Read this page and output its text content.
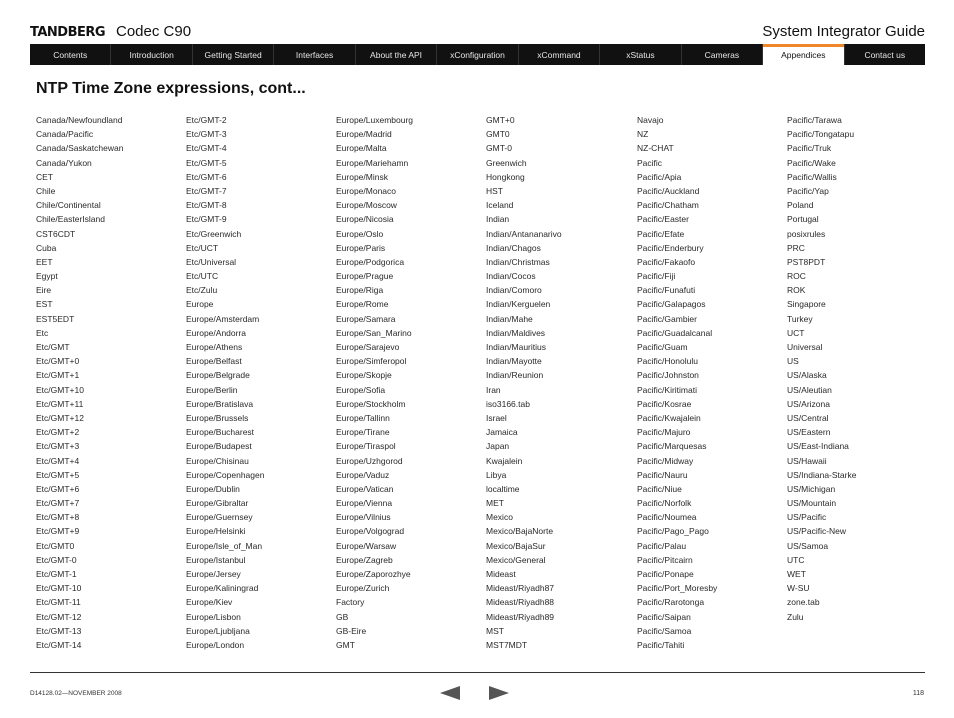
TANDBERG Codec C90	System Integrator Guide
Contents	Introduction	Getting Started	Interfaces	About the API	xConfiguration	xCommand	xStatus	Cameras	Appendices	Contact us
NTP Time Zone expressions, cont...
Canada/Newfoundland
Canada/Pacific
Canada/Saskatchewan
Canada/Yukon
CET
Chile
Chile/Continental
Chile/EasterIsland
CST6CDT
Cuba
EET
Egypt
Eire
EST
EST5EDT
Etc
Etc/GMT
Etc/GMT+0
Etc/GMT+1
Etc/GMT+10
Etc/GMT+11
Etc/GMT+12
Etc/GMT+2
Etc/GMT+3
Etc/GMT+4
Etc/GMT+5
Etc/GMT+6
Etc/GMT+7
Etc/GMT+8
Etc/GMT+9
Etc/GMT0
Etc/GMT-0
Etc/GMT-1
Etc/GMT-10
Etc/GMT-11
Etc/GMT-12
Etc/GMT-13
Etc/GMT-14
Etc/GMT-2
Etc/GMT-3
Etc/GMT-4
Etc/GMT-5
Etc/GMT-6
Etc/GMT-7
Etc/GMT-8
Etc/GMT-9
Etc/Greenwich
Etc/UCT
Etc/Universal
Etc/UTC
Etc/Zulu
Europe
Europe/Amsterdam
Europe/Andorra
Europe/Athens
Europe/Belfast
Europe/Belgrade
Europe/Berlin
Europe/Bratislava
Europe/Brussels
Europe/Bucharest
Europe/Budapest
Europe/Chisinau
Europe/Copenhagen
Europe/Dublin
Europe/Gibraltar
Europe/Guernsey
Europe/Helsinki
Europe/Isle_of_Man
Europe/Istanbul
Europe/Jersey
Europe/Kaliningrad
Europe/Kiev
Europe/Lisbon
Europe/Ljubljana
Europe/London
Europe/Luxembourg
Europe/Madrid
Europe/Malta
Europe/Mariehamn
Europe/Minsk
Europe/Monaco
Europe/Moscow
Europe/Nicosia
Europe/Oslo
Europe/Paris
Europe/Podgorica
Europe/Prague
Europe/Riga
Europe/Rome
Europe/Samara
Europe/San_Marino
Europe/Sarajevo
Europe/Simferopol
Europe/Skopje
Europe/Sofia
Europe/Stockholm
Europe/Tallinn
Europe/Tirane
Europe/Tiraspol
Europe/Uzhgorod
Europe/Vaduz
Europe/Vatican
Europe/Vienna
Europe/Vilnius
Europe/Volgograd
Europe/Warsaw
Europe/Zagreb
Europe/Zaporozhye
Europe/Zurich
Factory
GB
GB-Eire
GMT
GMT+0
GMT0
GMT-0
Greenwich
Hongkong
HST
Iceland
Indian
Indian/Antananarivo
Indian/Chagos
Indian/Christmas
Indian/Cocos
Indian/Comoro
Indian/Kerguelen
Indian/Mahe
Indian/Maldives
Indian/Mauritius
Indian/Mayotte
Indian/Reunion
Iran
iso3166.tab
Israel
Jamaica
Japan
Kwajalein
Libya
localtime
MET
Mexico
Mexico/BajaNorte
Mexico/BajaSur
Mexico/General
Mideast
Mideast/Riyadh87
Mideast/Riyadh88
Mideast/Riyadh89
MST
MST7MDT
Navajo
NZ
NZ-CHAT
Pacific
Pacific/Apia
Pacific/Auckland
Pacific/Chatham
Pacific/Easter
Pacific/Efate
Pacific/Enderbury
Pacific/Fakaofo
Pacific/Fiji
Pacific/Funafuti
Pacific/Galapagos
Pacific/Gambier
Pacific/Guadalcanal
Pacific/Guam
Pacific/Honolulu
Pacific/Johnston
Pacific/Kiritimati
Pacific/Kosrae
Pacific/Kwajalein
Pacific/Majuro
Pacific/Marquesas
Pacific/Midway
Pacific/Nauru
Pacific/Niue
Pacific/Norfolk
Pacific/Noumea
Pacific/Pago_Pago
Pacific/Palau
Pacific/Pitcairn
Pacific/Ponape
Pacific/Port_Moresby
Pacific/Rarotonga
Pacific/Saipan
Pacific/Samoa
Pacific/Tahiti
Pacific/Tarawa
Pacific/Tongatapu
Pacific/Truk
Pacific/Wake
Pacific/Wallis
Pacific/Yap
Poland
Portugal
posixrules
PRC
PST8PDT
ROC
ROK
Singapore
Turkey
UCT
Universal
US
US/Alaska
US/Aleutian
US/Arizona
US/Central
US/Eastern
US/East-Indiana
US/Hawaii
US/Indiana-Starke
US/Michigan
US/Mountain
US/Pacific
US/Pacific-New
US/Samoa
UTC
WET
W-SU
zone.tab
Zulu
D14128.02—NOVEMBER 2008	118
